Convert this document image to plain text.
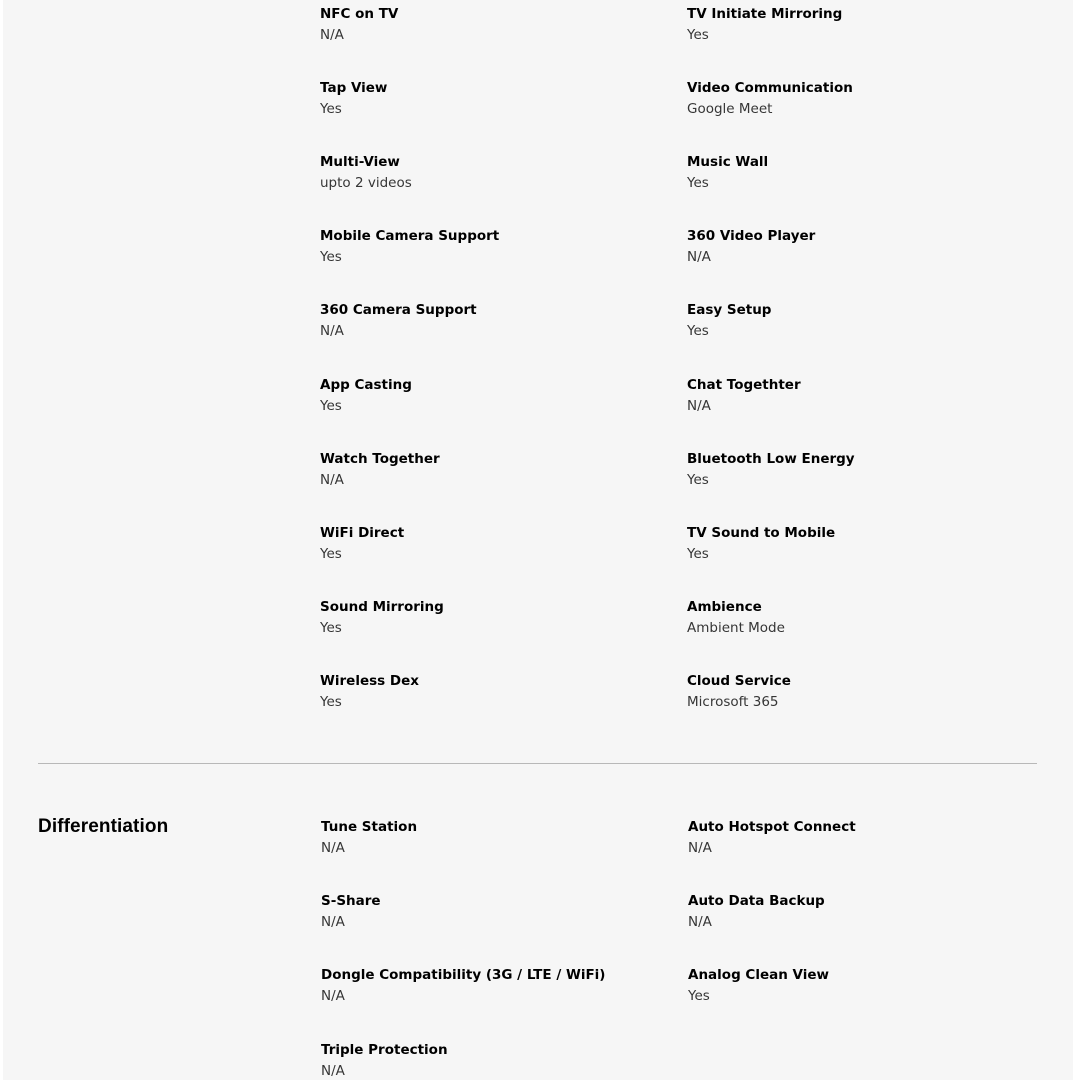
NFC on TV
N/A
Tap View
Yes
Multi-View
upto 2 videos
Mobile Camera Support
Yes
360 Camera Support
N/A
App Casting
Yes
Watch Together
N/A
WiFi Direct
Yes
Sound Mirroring
Yes
Wireless Dex
Yes
TV Initiate Mirroring
Yes
Video Communication
Google Meet
Music Wall
Yes
360 Video Player
N/A
Easy Setup
Yes
Chat Togethter
N/A
Bluetooth Low Energy
Yes
TV Sound to Mobile
Yes
Ambience
Ambient Mode
Cloud Service
Microsoft 365
Differentiation	Tune Station
N/A
S-Share
N/A
Dongle Compatibility (3G / LTE / WiFi)
N/A
Triple Protection
N/A
Auto Hotspot Connect
N/A
Auto Data Backup
N/A
Analog Clean View
Yes
